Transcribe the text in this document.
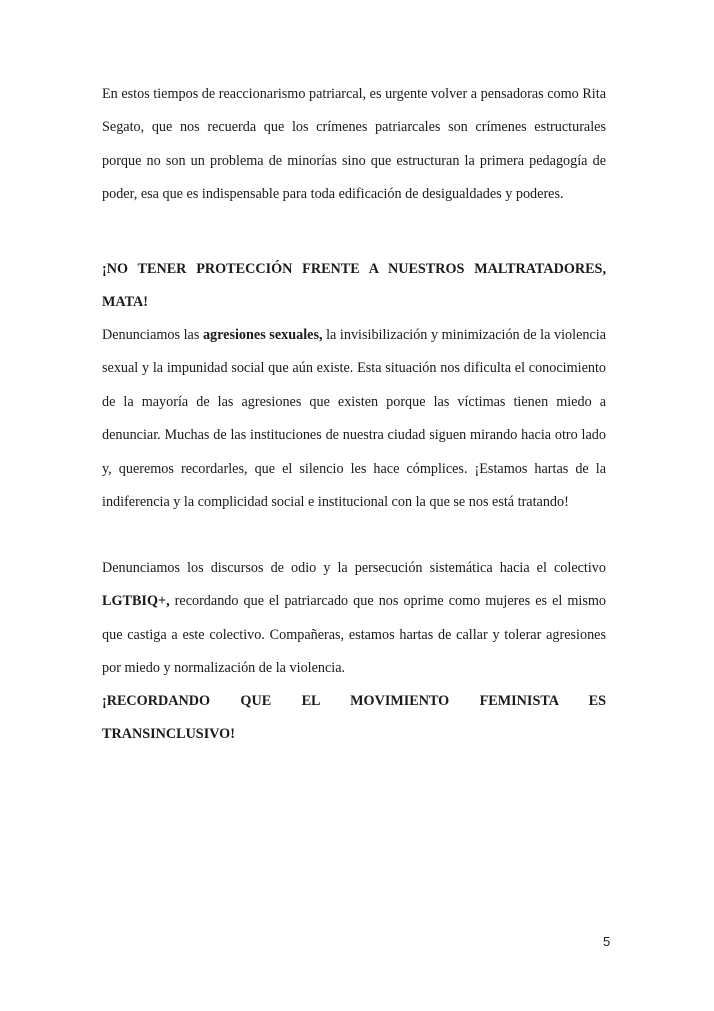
En estos tiempos de reaccionarismo patriarcal, es urgente volver a pensadoras como Rita Segato, que nos recuerda que los crímenes patriarcales son crímenes estructurales porque no son un problema de minorías sino que estructuran la primera pedagogía de poder, esa que es indispensable para toda edificación de desigualdades y poderes.

¡NO TENER PROTECCIÓN FRENTE A NUESTROS MALTRATADORES,
MATA!

Denunciamos las agresiones sexuales, la invisibilización y minimización de la violencia sexual y la impunidad social que aún existe. Esta situación nos dificulta el conocimiento de la mayoría de las agresiones que existen porque las víctimas tienen miedo a denunciar. Muchas de las instituciones de nuestra ciudad siguen mirando hacia otro lado y, queremos recordarles, que el silencio les hace cómplices. ¡Estamos hartas de la indiferencia y la complicidad social e institucional con la que se nos está tratando!

Denunciamos los discursos de odio y la persecución sistemática hacia el colectivo LGTBIQ+, recordando que el patriarcado que nos oprime como mujeres es el mismo que castiga a este colectivo. Compañeras, estamos hartas de callar y tolerar agresiones por miedo y normalización de la violencia.

¡RECORDANDO QUE EL MOVIMIENTO FEMINISTA ES
TRANSINCLUSIVO!
5
